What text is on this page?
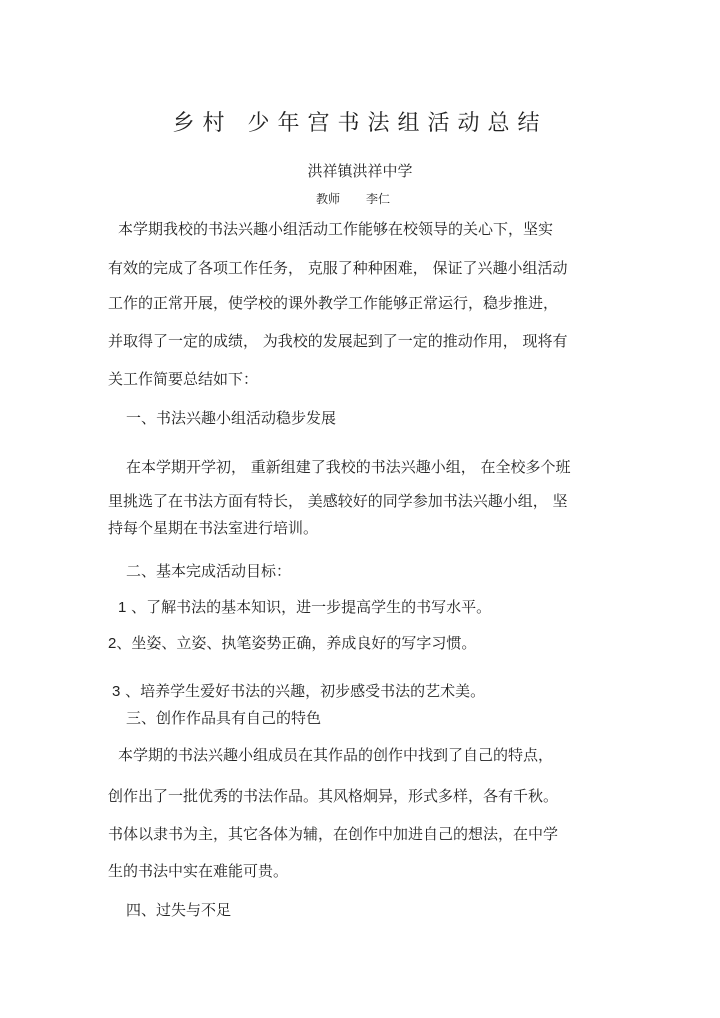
乡村 少年宫书法组活动总结
洪祥镇洪祥中学
教师 李仁
本学期我校的书法兴趣小组活动工作能够在校领导的关心下，坚实
有效的完成了各项工作任务， 克服了种种困难， 保证了兴趣小组活动
工作的正常开展，使学校的课外教学工作能够正常运行，稳步推进，
并取得了一定的成绩， 为我校的发展起到了一定的推动作用， 现将有
关工作简要总结如下：
一、书法兴趣小组活动稳步发展
在本学期开学初， 重新组建了我校的书法兴趣小组， 在全校多个班
里挑选了在书法方面有特长， 美感较好的同学参加书法兴趣小组， 坚
持每个星期在书法室进行培训。
二、基本完成活动目标：
1 、了解书法的基本知识，进一步提高学生的书写水平。
2、坐姿、立姿、执笔姿势正确，养成良好的写字习惯。
3 、培养学生爱好书法的兴趣，初步感受书法的艺术美。
三、创作作品具有自己的特色
本学期的书法兴趣小组成员在其作品的创作中找到了自己的特点，
创作出了一批优秀的书法作品。其风格炯异，形式多样，各有千秋。
书体以隶书为主，其它各体为辅，在创作中加进自己的想法，在中学
生的书法中实在难能可贵。
四、过失与不足
